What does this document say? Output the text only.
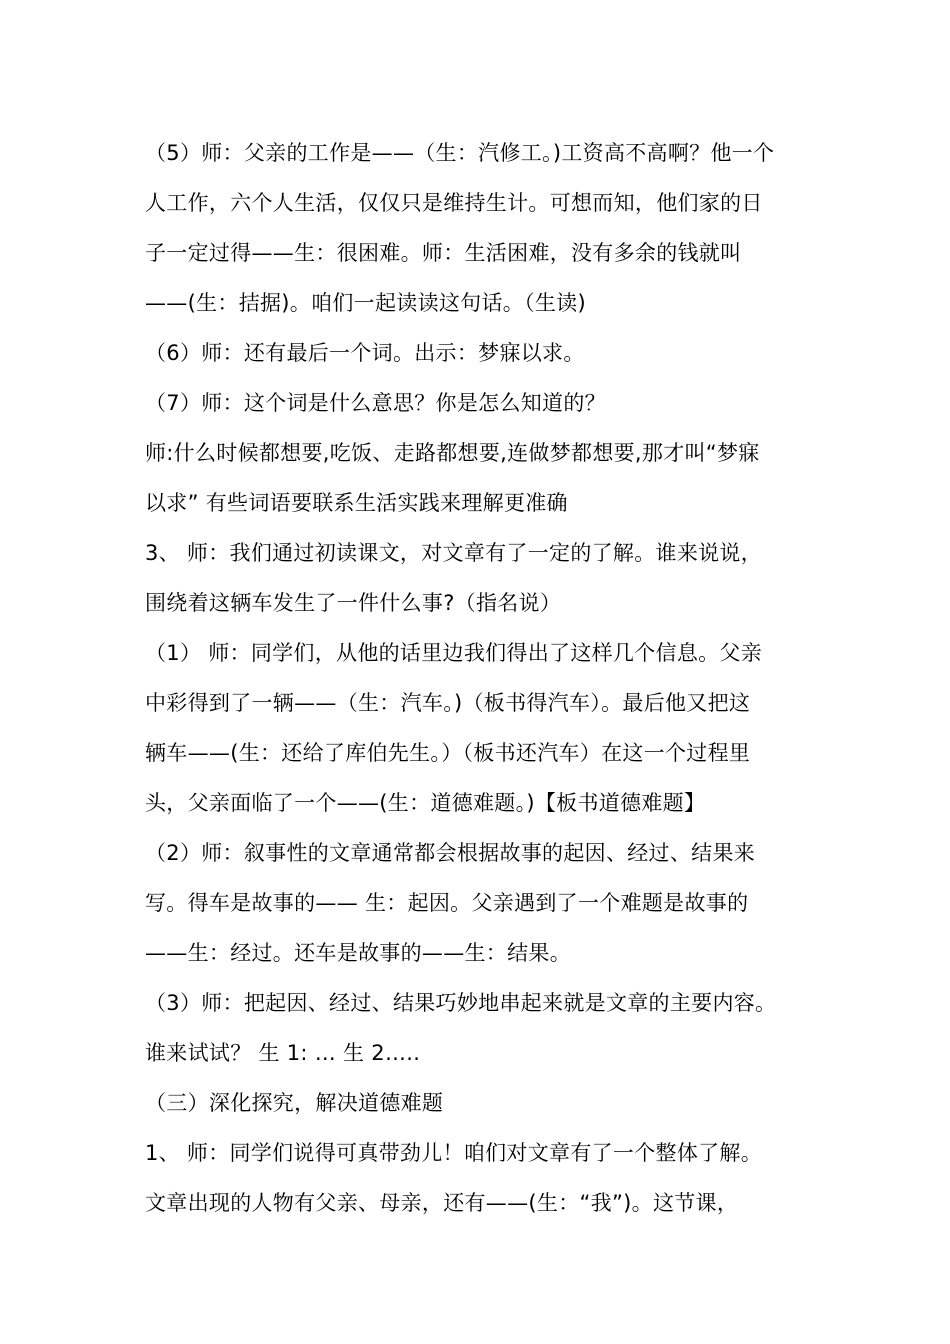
（5）师：父亲的工作是——（生：汽修工。)工资高不高啊？他一个
人工作，六个人生活，仅仅只是维持生计。可想而知，他们家的日
子一定过得——生：很困难。师：生活困难，没有多余的钱就叫
——(生：拮据)。咱们一起读读这句话。（生读)
（6）师：还有最后一个词。出示：梦寐以求。
（7）师：这个词是什么意思？你是怎么知道的？
师:什么时候都想要,吃饭、走路都想要,连做梦都想要,那才叫“梦寐
以求” 有些词语要联系生活实践来理解更准确
3、 师：我们通过初读课文，对文章有了一定的了解。谁来说说，
围绕着这辆车发生了一件什么事?（指名说）
（1） 师：同学们，从他的话里边我们得出了这样几个信息。父亲
中彩得到了一辆——（生：汽车。)（板书得汽车）。最后他又把这
辆车——(生：还给了库伯先生。）（板书还汽车）在这一个过程里
头，父亲面临了一个——(生：道德难题。)【板书道德难题】
（2）师：叙事性的文章通常都会根据故事的起因、经过、结果来
写。得车是故事的—— 生：起因。父亲遇到了一个难题是故事的
——生：经过。还车是故事的——生：结果。
（3）师：把起因、经过、结果巧妙地串起来就是文章的主要内容。
谁来试试？ 生 1: … 生 2…..
（三）深化探究，解决道德难题
1、 师：同学们说得可真带劲儿！咱们对文章有了一个整体了解。
文章出现的人物有父亲、母亲，还有——(生：“我”)。这节课，
